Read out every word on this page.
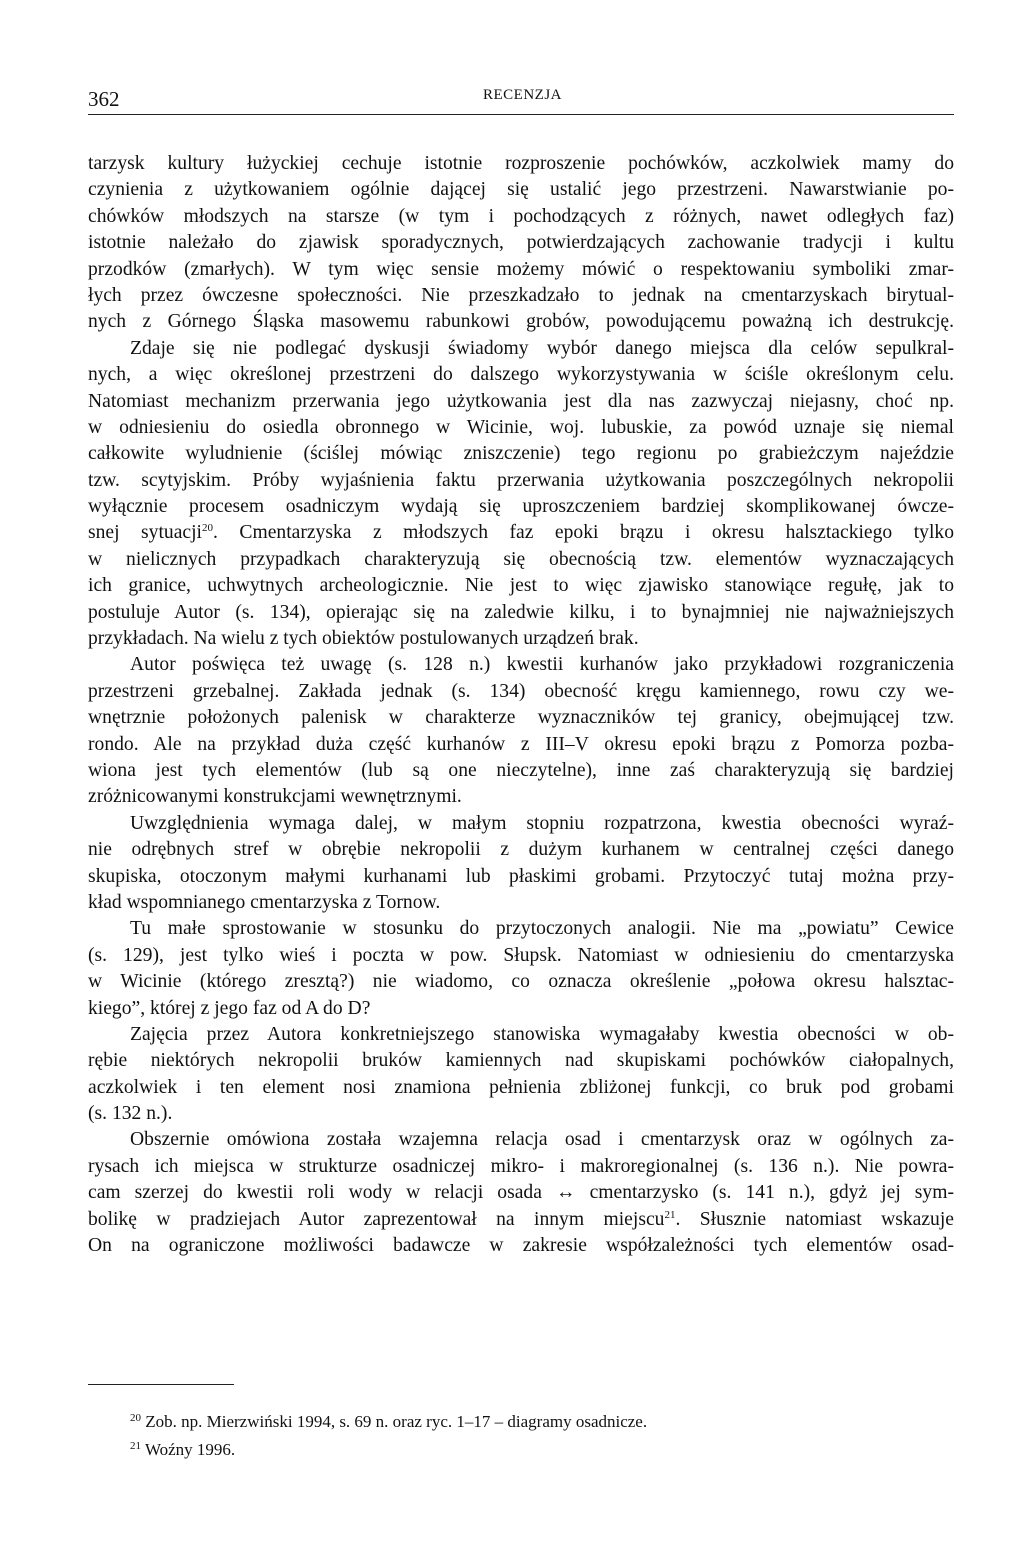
362	RECENZJA
tarzysk kultury łużyckiej cechuje istotnie rozproszenie pochówków, aczkolwiek mamy do
czynienia z użytkowaniem ogólnie dającej się ustalić jego przestrzeni. Nawarstwianie po-
chówków młodszych na starsze (w tym i pochodzących z różnych, nawet odległych faz)
istotnie należało do zjawisk sporadycznych, potwierdzających zachowanie tradycji i kultu
przodków (zmarłych). W tym więc sensie możemy mówić o respektowaniu symboliki zmar-
łych przez ówczesne społeczności. Nie przeszkadzało to jednak na cmentarzyskach birytual-
nych z Górnego Śląska masowemu rabunkowi grobów, powodującemu poważną ich destrukcję.
Zdaje się nie podlegać dyskusji świadomy wybór danego miejsca dla celów sepulkral-
nych, a więc określonej przestrzeni do dalszego wykorzystywania w ściśle określonym celu.
Natomiast mechanizm przerwania jego użytkowania jest dla nas zazwyczaj niejasny, choć np.
w odniesieniu do osiedla obronnego w Wicinie, woj. lubuskie, za powód uznaje się niemal
całkowite wyludnienie (ściślej mówiąc zniszczenie) tego regionu po grabieżczym najeździe
tzw. scytyjskim. Próby wyjaśnienia faktu przerwania użytkowania poszczególnych nekropolii
wyłącznie procesem osadniczym wydają się uproszczeniem bardziej skomplikowanej ówcze-
snej sytuacji$^{20}$. Cmentarzyska z młodszych faz epoki brązu i okresu halsztackiego tylko
w nielicznych przypadkach charakteryzują się obecnością tzw. elementów wyznaczających
ich granice, uchwytnych archeologicznie. Nie jest to więc zjawisko stanowiące regułę, jak to
postuluje Autor (s. 134), opierając się na zaledwie kilku, i to bynajmniej nie najważniejszych
przykładach. Na wielu z tych obiektów postulowanych urządzeń brak.
Autor poświęca też uwagę (s. 128 n.) kwestii kurhanów jako przykładowi rozgraniczenia
przestrzeni grzebalnej. Zakłada jednak (s. 134) obecność kręgu kamiennego, rowu czy we-
wnętrznie położonych palenisk w charakterze wyznaczników tej granicy, obejmującej tzw.
rondo. Ale na przykład duża część kurhanów z III–V okresu epoki brązu z Pomorza pozba-
wiona jest tych elementów (lub są one nieczytelne), inne zaś charakteryzują się bardziej
zróżnicowanymi konstrukcjami wewnętrznymi.
Uwzględnienia wymaga dalej, w małym stopniu rozpatrzona, kwestia obecności wyraź-
nie odrębnych stref w obrębie nekropolii z dużym kurhanem w centralnej części danego
skupiska, otoczonym małymi kurhanami lub płaskimi grobami. Przytoczyć tutaj można przy-
kład wspomnianego cmentarzyska z Tornow.
Tu małe sprostowanie w stosunku do przytoczonych analogii. Nie ma „powiatu” Cewice
(s. 129), jest tylko wieś i poczta w pow. Słupsk. Natomiast w odniesieniu do cmentarzyska
w Wicinie (którego zresztą?) nie wiadomo, co oznacza określenie „połowa okresu halsztac-
kiego”, której z jego faz od A do D?
Zajęcia przez Autora konkretniejszego stanowiska wymagałaby kwestia obecności w ob-
rębie niektórych nekropolii bruków kamiennych nad skupiskami pochówków ciałopalnych,
aczkolwiek i ten element nosi znamiona pełnienia zbliżonej funkcji, co bruk pod grobami
(s. 132 n.).
Obszernie omówiona została wzajemna relacja osad i cmentarzysk oraz w ogólnych za-
rysach ich miejsca w strukturze osadniczej mikro- i makroregionalnej (s. 136 n.). Nie powra-
cam szerzej do kwestii roli wody w relacji osada ↔ cmentarzysko (s. 141 n.), gdyż jej sym-
bolikę w pradziejach Autor zaprezentował na innym miejscu$^{21}$. Słusznie natomiast wskazuje
On na ograniczone możliwości badawcze w zakresie współzależności tych elementów osad-
$^{20}$ Zob. np. Mierzwiński 1994, s. 69 n. oraz ryc. 1–17 – diagramy osadnicze.
$^{21}$ Woźny 1996.
